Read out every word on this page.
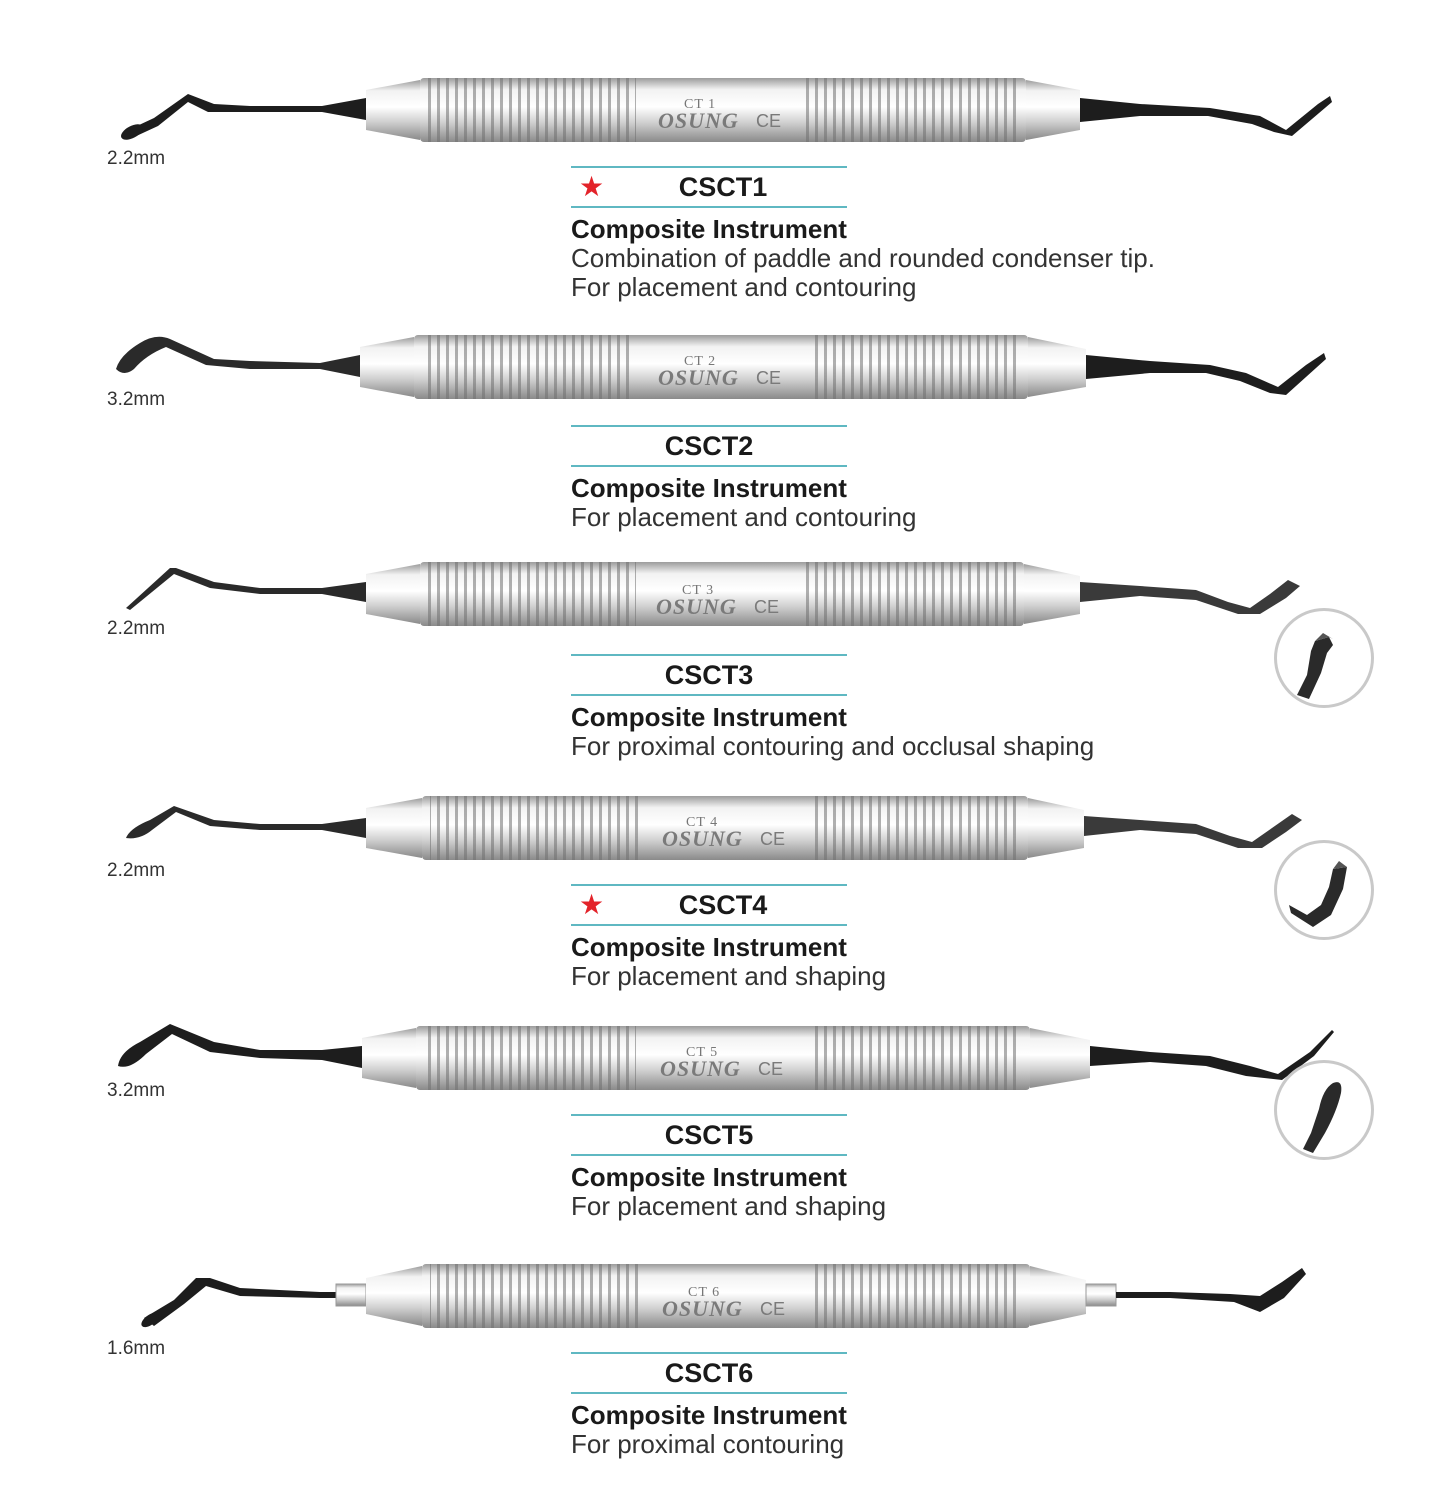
CT 1
OSUNG CE
2.2mm
★	CSCT1
Composite Instrument
Combination of paddle and rounded condenser tip.
For placement and contouring
CT 2
OSUNG CE
3.2mm
CSCT2
Composite Instrument
For placement and contouring
CT 3
OSUNG CE
2.2mm
CSCT3
Composite Instrument
For proximal contouring and occlusal shaping
CT 4
OSUNG CE
2.2mm
★	CSCT4
Composite Instrument
For placement and shaping
CT 5
OSUNG CE
3.2mm
CSCT5
Composite Instrument
For placement and shaping
CT 6
OSUNG CE
1.6mm
CSCT6
Composite Instrument
For proximal contouring
